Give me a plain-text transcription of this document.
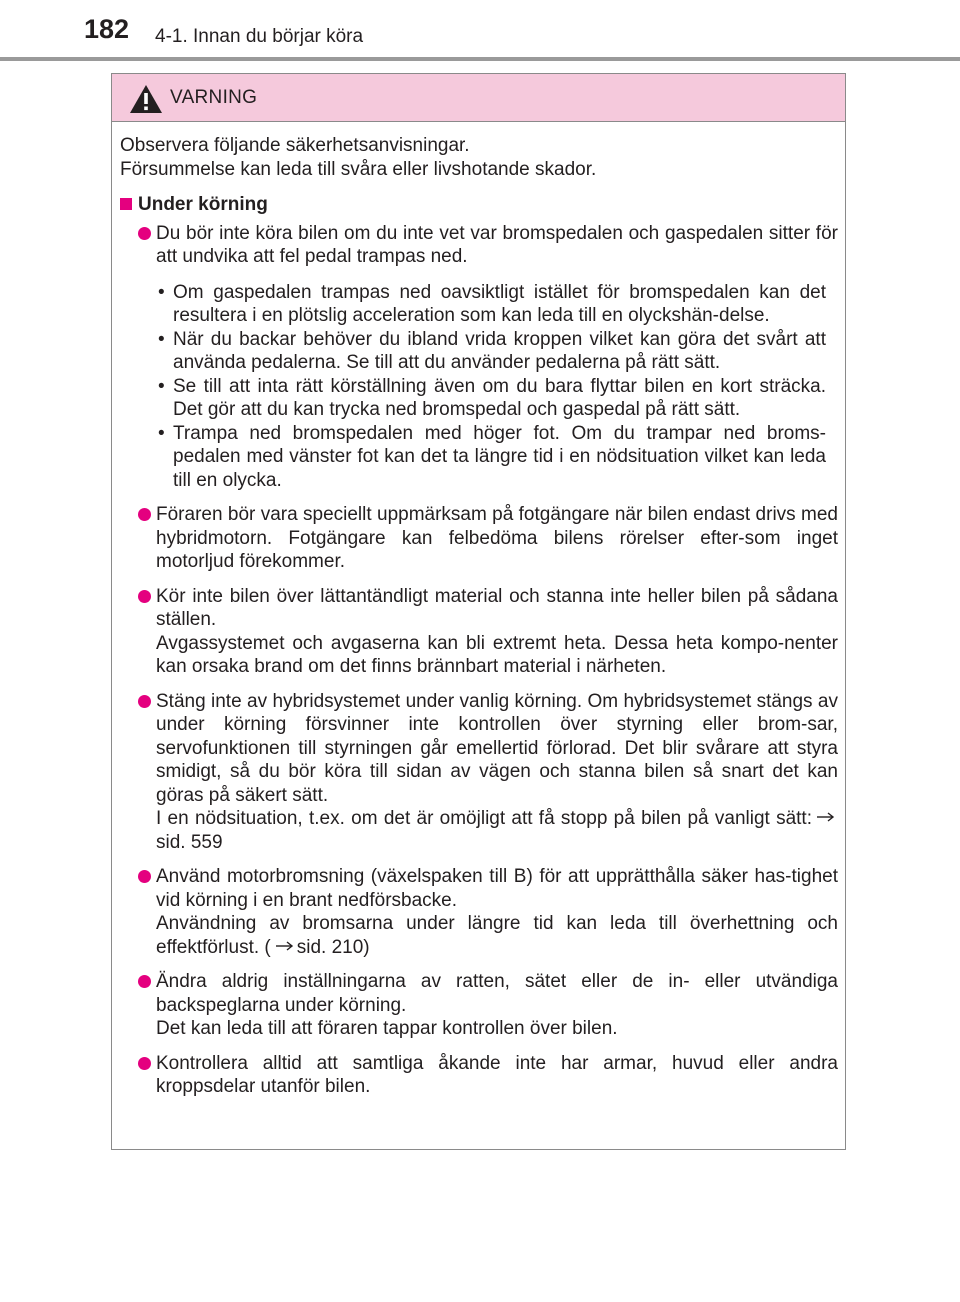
182 4-1. Innan du börjar köra
VARNING
Observera följande säkerhetsanvisningar.
Försummelse kan leda till svåra eller livshotande skador.
Under körning
Du bör inte köra bilen om du inte vet var bromspedalen och gaspedalen sitter för att undvika att fel pedal trampas ned.
• Om gaspedalen trampas ned oavsiktligt istället för bromspedalen kan det resultera i en plötslig acceleration som kan leda till en olyckshän-delse.
• När du backar behöver du ibland vrida kroppen vilket kan göra det svårt att använda pedalerna. Se till att du använder pedalerna på rätt sätt.
• Se till att inta rätt körställning även om du bara flyttar bilen en kort sträcka. Det gör att du kan trycka ned bromspedal och gaspedal på rätt sätt.
• Trampa ned bromspedalen med höger fot. Om du trampar ned broms-pedalen med vänster fot kan det ta längre tid i en nödsituation vilket kan leda till en olycka.
Föraren bör vara speciellt uppmärksam på fotgängare när bilen endast drivs med hybridmotorn. Fotgängare kan felbedöma bilens rörelser efter-som inget motorljud förekommer.
Kör inte bilen över lättantändligt material och stanna inte heller bilen på sådana ställen.
Avgassystemet och avgaserna kan bli extremt heta. Dessa heta kompo-nenter kan orsaka brand om det finns brännbart material i närheten.
Stäng inte av hybridsystemet under vanlig körning. Om hybridsystemet stängs av under körning försvinner inte kontrollen över styrning eller brom-sar, servofunktionen till styrningen går emellertid förlorad. Det blir svårare att styra smidigt, så du bör köra till sidan av vägen och stanna bilen så snart det kan göras på säkert sätt.
I en nödsituation, t.ex. om det är omöjligt att få stopp på bilen på vanligt sätt:sid. 559
Använd motorbromsning (växelspaken till B) för att upprätthålla säker has-tighet vid körning i en brant nedförsbacke.
Användning av bromsarna under längre tid kan leda till överhettning och effektförlust. ( sid. 210)
Ändra aldrig inställningarna av ratten, sätet eller de in- eller utvändiga backspeglarna under körning.
Det kan leda till att föraren tappar kontrollen över bilen.
Kontrollera alltid att samtliga åkande inte har armar, huvud eller andra kroppsdelar utanför bilen.
